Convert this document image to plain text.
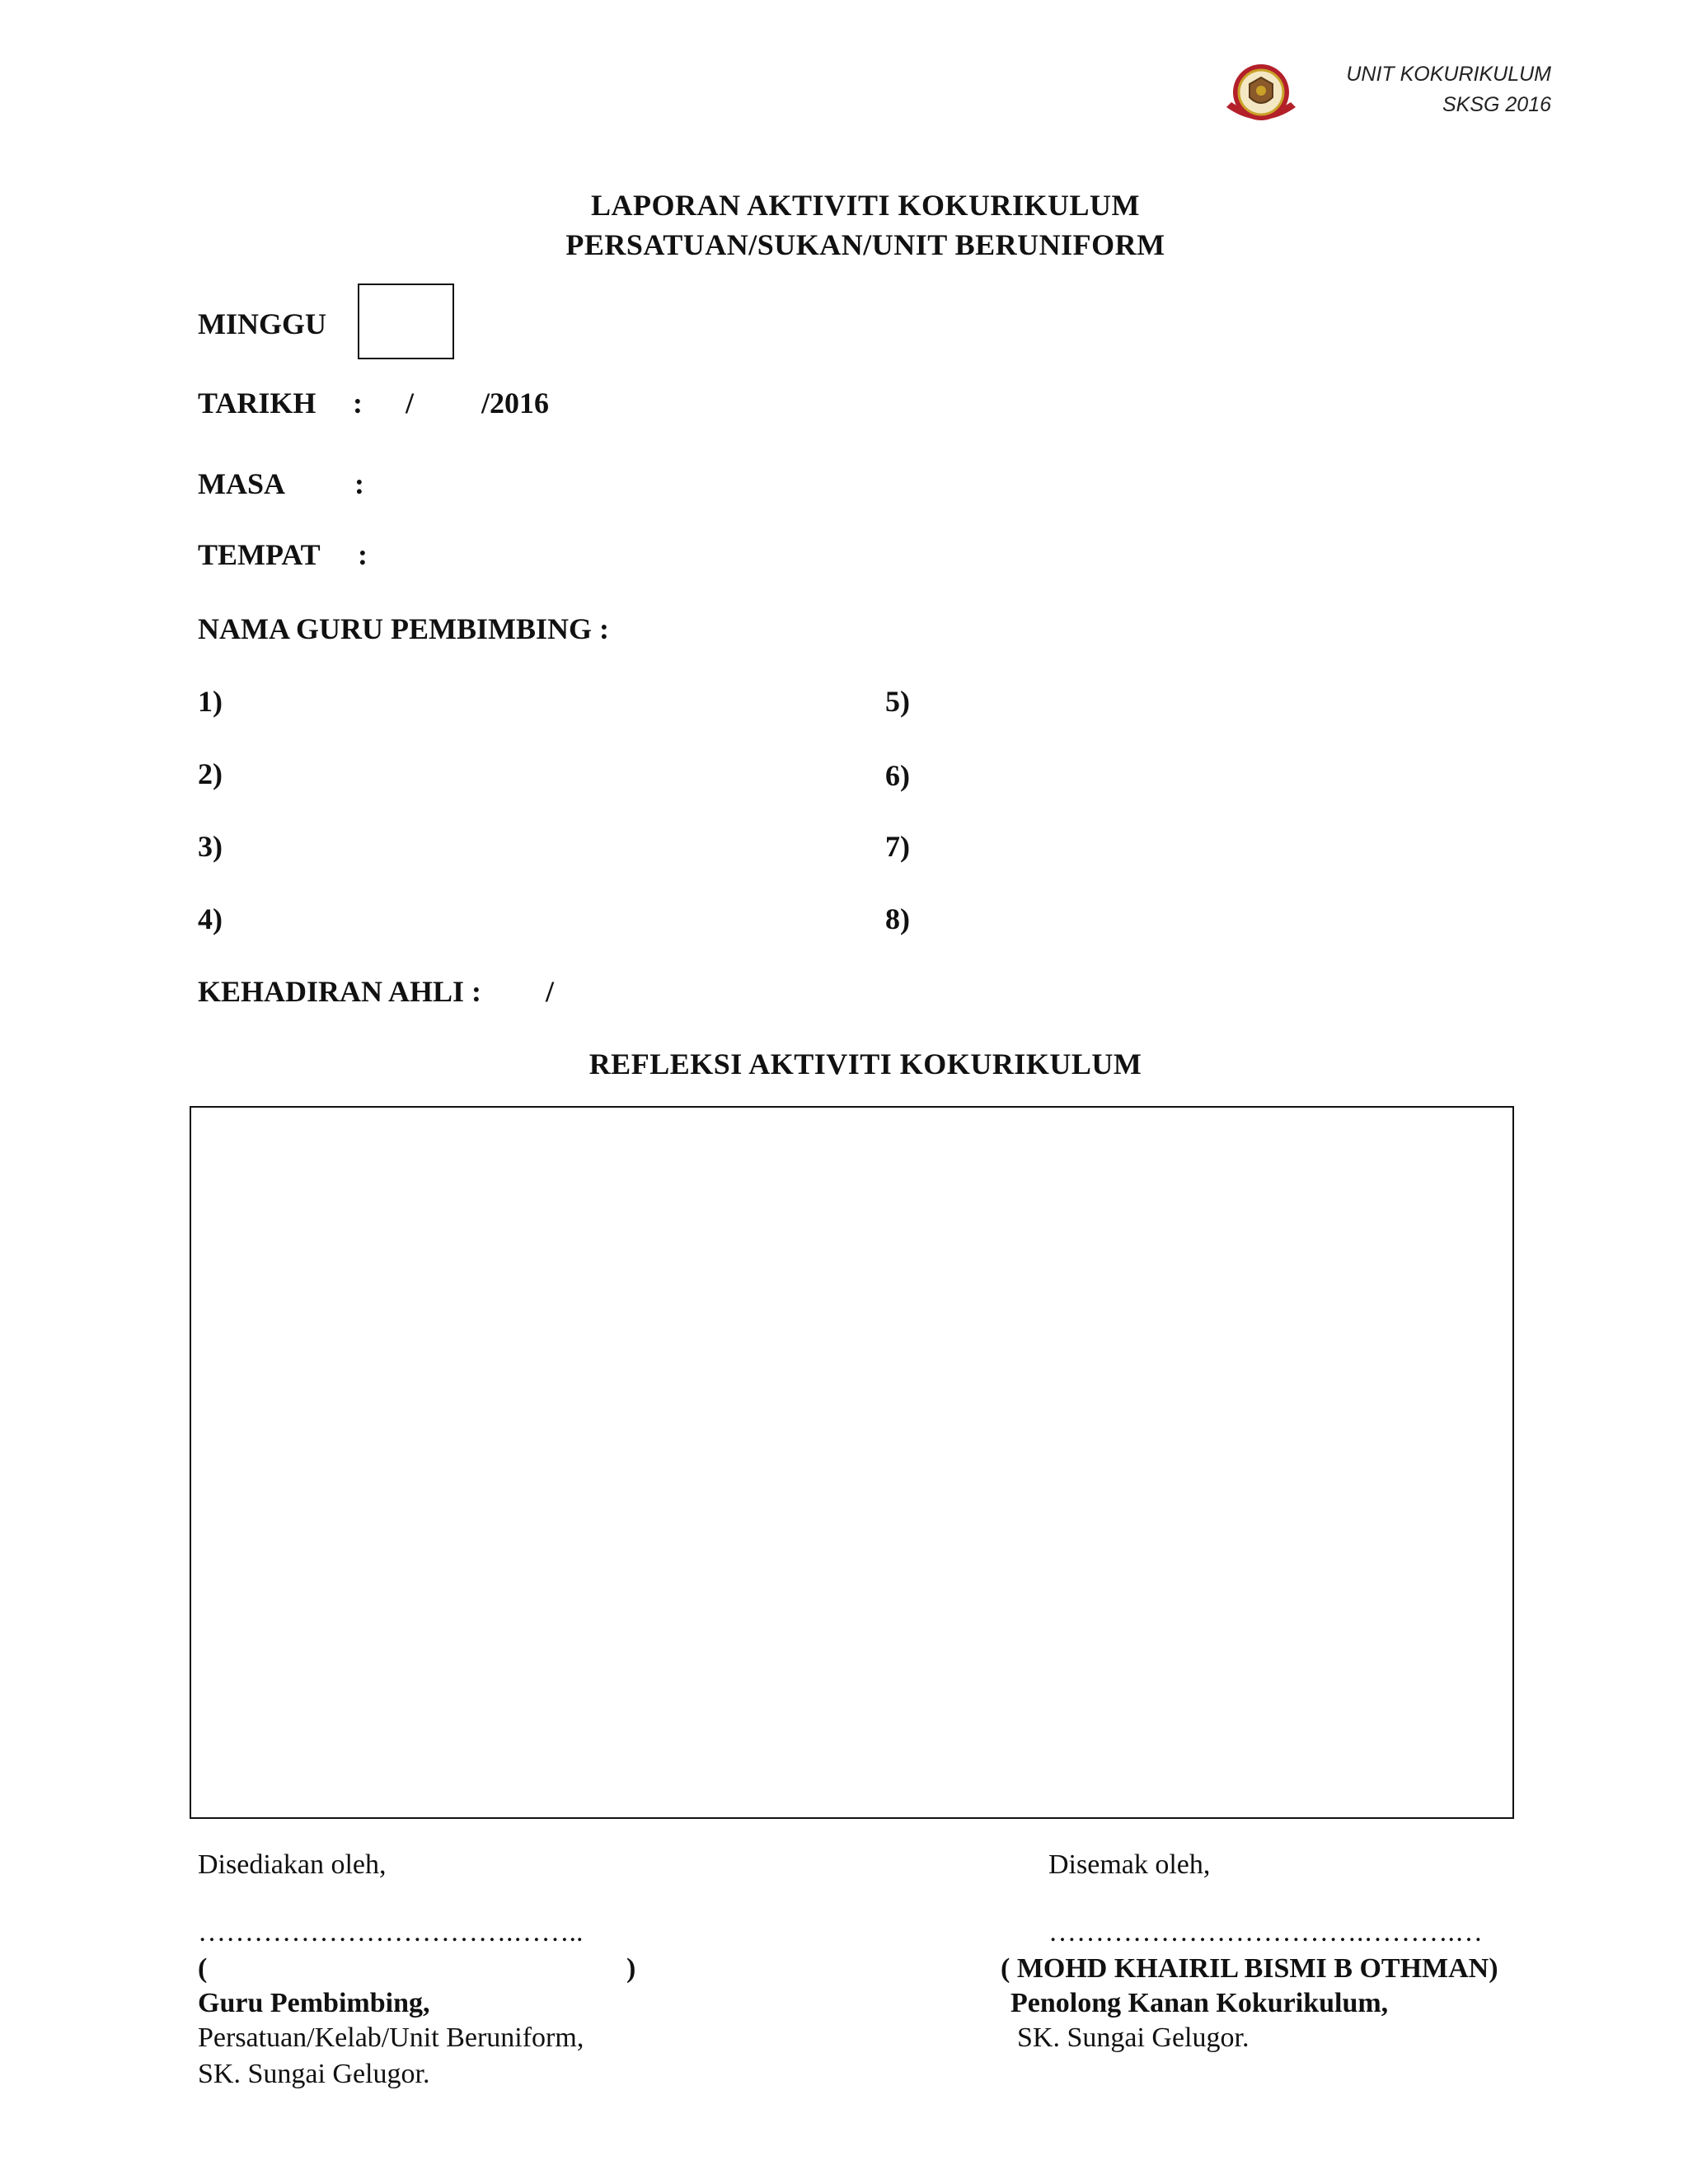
UNIT KOKURIKULUM
SKSG 2016
LAPORAN AKTIVITI KOKURIKULUM
PERSATUAN/SUKAN/UNIT BERUNIFORM
MINGGU
TARIKH : / /2016
MASA :
TEMPAT :
NAMA GURU PEMBIMBING :
1)
2)
3)
4)
5)
6)
7)
8)
KEHADIRAN AHLI : /
REFLEKSI AKTIVITI KOKURIKULUM
Disediakan oleh,
…………………………….……..
(	)
Guru Pembimbing,
Persatuan/Kelab/Unit Beruniform,
SK. Sungai Gelugor.
Disemak oleh,
…………………………….……….…
( MOHD KHAIRIL BISMI B OTHMAN)
Penolong Kanan Kokurikulum,
SK. Sungai Gelugor.
